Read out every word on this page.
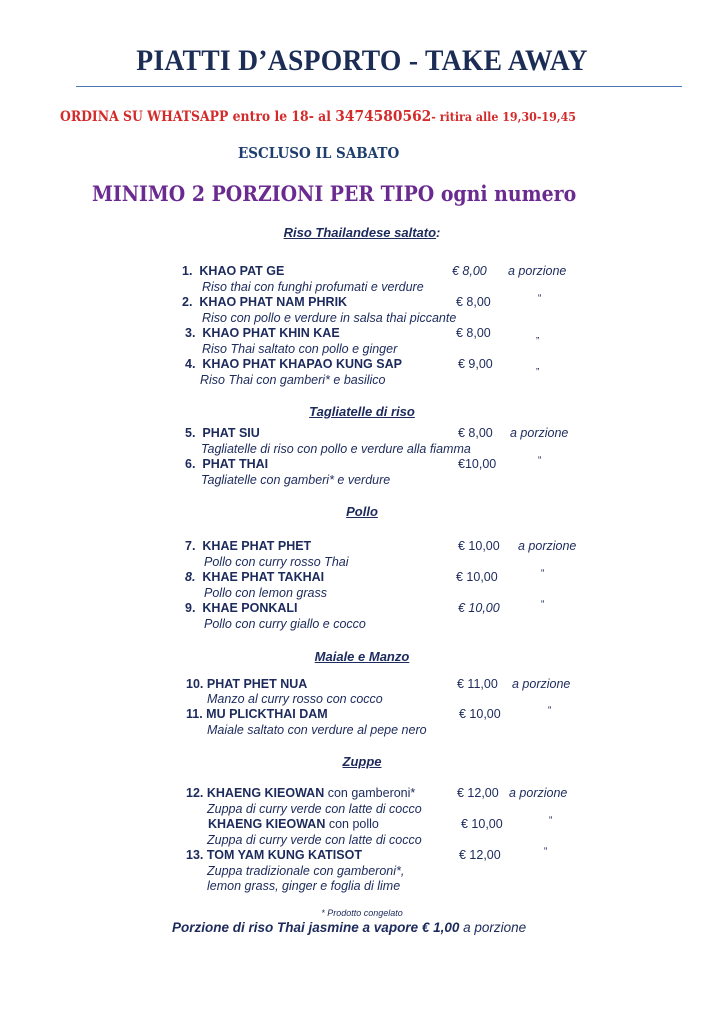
PIATTI D’ASPORTO - TAKE AWAY
ORDINA SU WHATSAPP entro le 18- al 3474580562- ritira alle 19,30-19,45
ESCLUSO IL SABATO
MINIMO 2 PORZIONI PER TIPO ogni numero
Riso Thailandese saltato:
Tagliatelle di riso
Pollo
Maiale e Manzo
Zuppe
1. KHAO PAT GE
Riso thai con funghi profumati e verdure
€ 8,00 a porzione
2. KHAO PHAT NAM PHRIK
Riso con pollo e verdure in salsa thai piccante
€ 8,00	“
3. KHAO PHAT KHIN KAE
Riso Thai saltato con pollo e ginger
€ 8,00	„
4. KHAO PHAT KHAPAO KUNG SAP
Riso Thai con gamberi* e basilico
€ 9,00	„
5. PHAT SIU
Tagliatelle di riso con pollo e verdure alla fiamma
€ 8,00 a porzione
6. PHAT THAI
Tagliatelle con gamberi* e verdure
€10,00	“
7. KHAE PHAT PHET
Pollo con curry rosso Thai
€ 10,00 a porzione
8. KHAE PHAT TAKHAI
Pollo con lemon grass
€ 10,00	“
9. KHAE PONKALI
Pollo con curry giallo e cocco
€ 10,00	“
10. PHAT PHET NUA
Manzo al curry rosso con cocco
€ 11,00 a porzione
11. MU PLICKTHAI DAM
Maiale saltato con verdure al pepe nero
€ 10,00	“
12. KHAENG KIEOWAN con gamberoni*
Zuppa di curry verde con latte di cocco
€ 12,00 a porzione
KHAENG KIEOWAN con pollo
Zuppa di curry verde con latte di cocco
€ 10,00	“
13. TOM YAM KUNG KATISOT
Zuppa tradizionale con gamberoni*,
lemon grass, ginger e foglia di lime
€ 12,00	“
* Prodotto congelato
Porzione di riso Thai jasmine a vapore € 1,00 a porzione
